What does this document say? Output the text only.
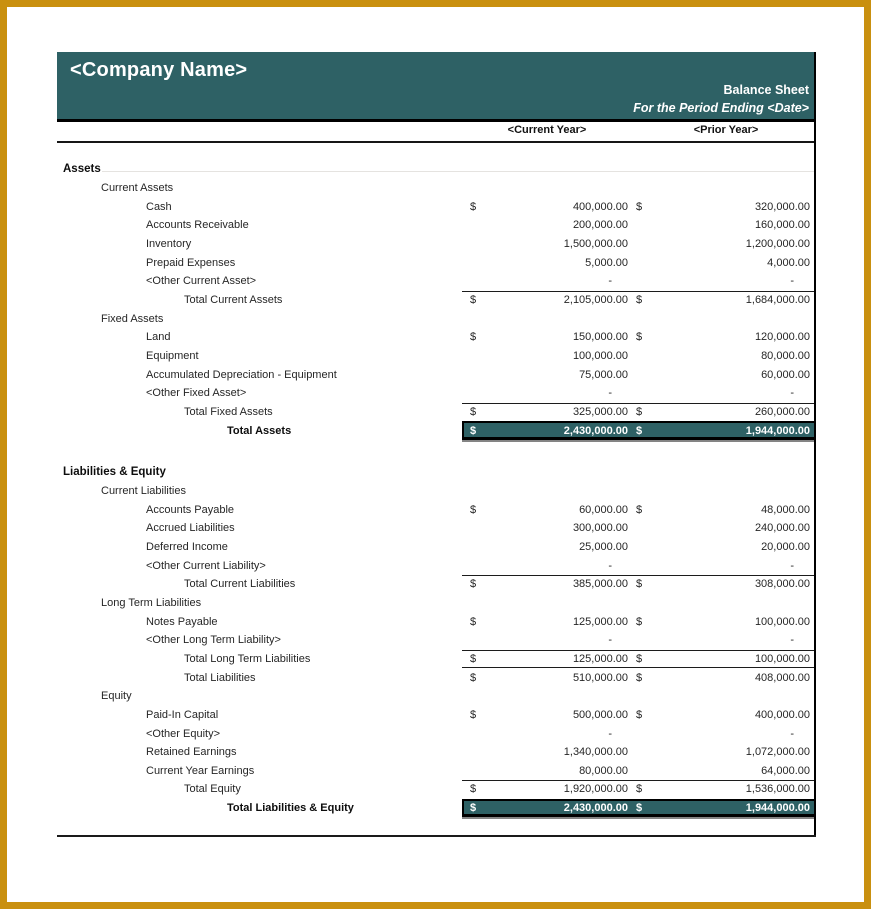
<Company Name>
Balance Sheet
For the Period Ending <Date>
<Current Year>	<Prior Year>
Assets
Current Assets
Cash	$	400,000.00 $	320,000.00
Accounts Receivable	200,000.00	160,000.00
Inventory	1,500,000.00	1,200,000.00
Prepaid Expenses	5,000.00	4,000.00
<Other Current Asset>	-	-
Total Current Assets	$	2,105,000.00 $	1,684,000.00
Fixed Assets
Land	$	150,000.00 $	120,000.00
Equipment	100,000.00	80,000.00
Accumulated Depreciation - Equipment	75,000.00	60,000.00
<Other Fixed Asset>	-	-
Total Fixed Assets	$	325,000.00 $	260,000.00
Total Assets	$	2,430,000.00 $	1,944,000.00
Liabilities & Equity
Current Liabilities
Accounts Payable	$	60,000.00 $	48,000.00
Accrued Liabilities	300,000.00	240,000.00
Deferred Income	25,000.00	20,000.00
<Other Current Liability>	-	-
Total Current Liabilities	$	385,000.00 $	308,000.00
Long Term Liabilities
Notes Payable	$	125,000.00 $	100,000.00
<Other Long Term Liability>	-	-
Total Long Term Liabilities	$	125,000.00 $	100,000.00
Total Liabilities	$	510,000.00 $	408,000.00
Equity
Paid-In Capital	$	500,000.00 $	400,000.00
<Other Equity>	-	-
Retained Earnings	1,340,000.00	1,072,000.00
Current Year Earnings	80,000.00	64,000.00
Total Equity	$	1,920,000.00 $	1,536,000.00
Total Liabilities & Equity	$	2,430,000.00 $	1,944,000.00
